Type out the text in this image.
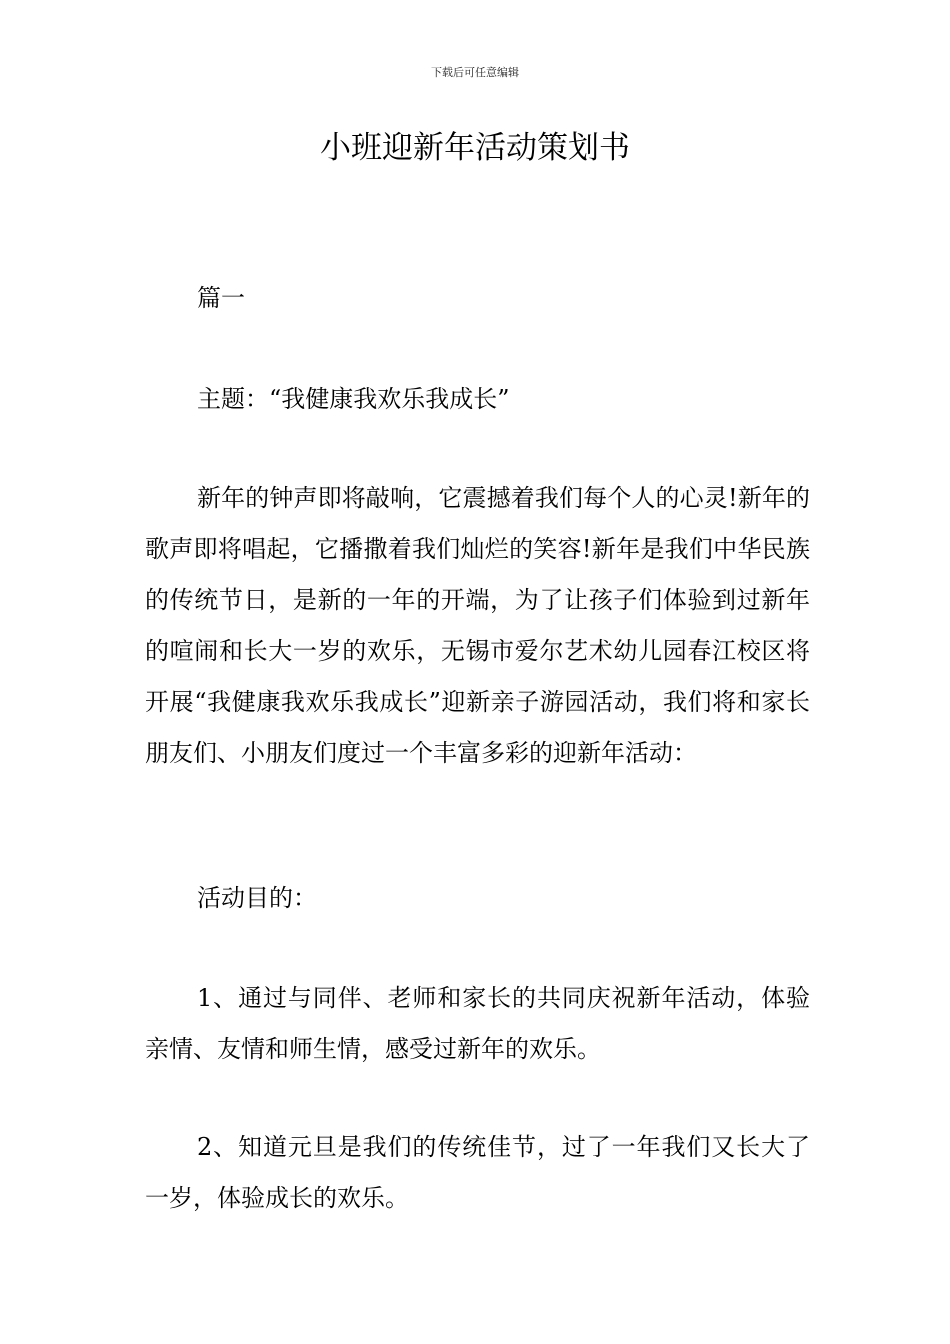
下载后可任意编辑
小班迎新年活动策划书

篇一

主题：“我健康我欢乐我成长”

新年的钟声即将敲响，它震撼着我们每个人的心灵!新年的歌声即将唱起，它播撒着我们灿烂的笑容!新年是我们中华民族的传统节日，是新的一年的开端，为了让孩子们体验到过新年的喧闹和长大一岁的欢乐，无锡市爱尔艺术幼儿园春江校区将开展“我健康我欢乐我成长”迎新亲子游园活动，我们将和家长朋友们、小朋友们度过一个丰富多彩的迎新年活动：

活动目的：

1、通过与同伴、老师和家长的共同庆祝新年活动，体验亲情、友情和师生情，感受过新年的欢乐。

2、知道元旦是我们的传统佳节，过了一年我们又长大了一岁，体验成长的欢乐。
